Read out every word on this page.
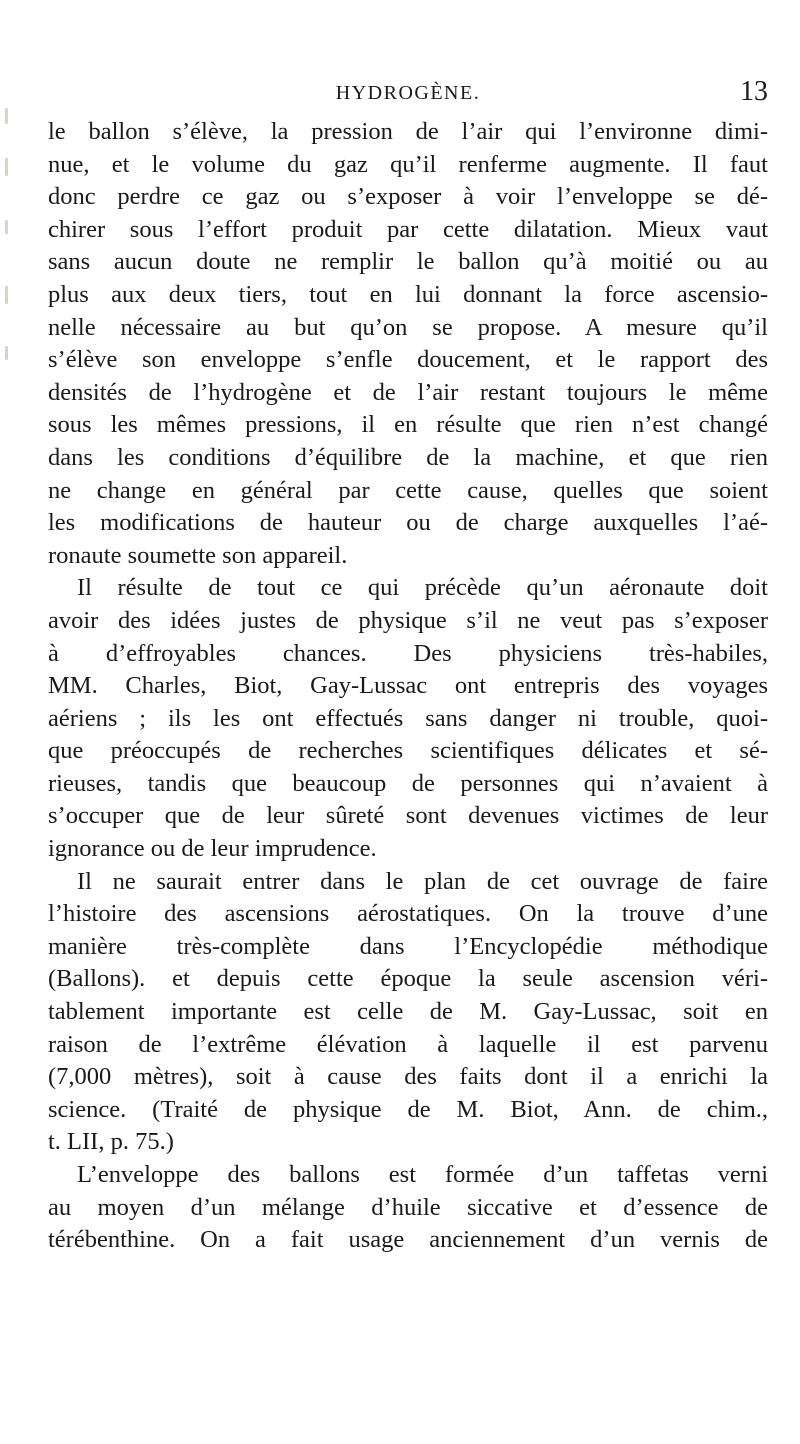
HYDROGÈNE.	13
le ballon s’élève, la pression de l’air qui l’environne dimi-
nue, et le volume du gaz qu’il renferme augmente. Il faut
donc perdre ce gaz ou s’exposer à voir l’enveloppe se dé-
chirer sous l’effort produit par cette dilatation. Mieux vaut
sans aucun doute ne remplir le ballon qu’à moitié ou au
plus aux deux tiers, tout en lui donnant la force ascensio-
nelle nécessaire au but qu’on se propose. A mesure qu’il
s’élève son enveloppe s’enfle doucement, et le rapport des
densités de l’hydrogène et de l’air restant toujours le même
sous les mêmes pressions, il en résulte que rien n’est changé
dans les conditions d’équilibre de la machine, et que rien
ne change en général par cette cause, quelles que soient
les modifications de hauteur ou de charge auxquelles l’aé-
ronaute soumette son appareil.
Il résulte de tout ce qui précède qu’un aéronaute doit
avoir des idées justes de physique s’il ne veut pas s’exposer
à d’effroyables chances. Des physiciens très-habiles,
MM. Charles, Biot, Gay-Lussac ont entrepris des voyages
aériens ; ils les ont effectués sans danger ni trouble, quoi-
que préoccupés de recherches scientifiques délicates et sé-
rieuses, tandis que beaucoup de personnes qui n’avaient à
s’occuper que de leur sûreté sont devenues victimes de leur
ignorance ou de leur imprudence.
Il ne saurait entrer dans le plan de cet ouvrage de faire
l’histoire des ascensions aérostatiques. On la trouve d’une
manière très-complète dans l’Encyclopédie méthodique
(Ballons). et depuis cette époque la seule ascension véri-
tablement importante est celle de M. Gay-Lussac, soit en
raison de l’extrême élévation à laquelle il est parvenu
(7,000 mètres), soit à cause des faits dont il a enrichi la
science. (Traité de physique de M. Biot, Ann. de chim.,
t. LII, p. 75.)
L’enveloppe des ballons est formée d’un taffetas verni
au moyen d’un mélange d’huile siccative et d’essence de
térébenthine. On a fait usage anciennement d’un vernis de
